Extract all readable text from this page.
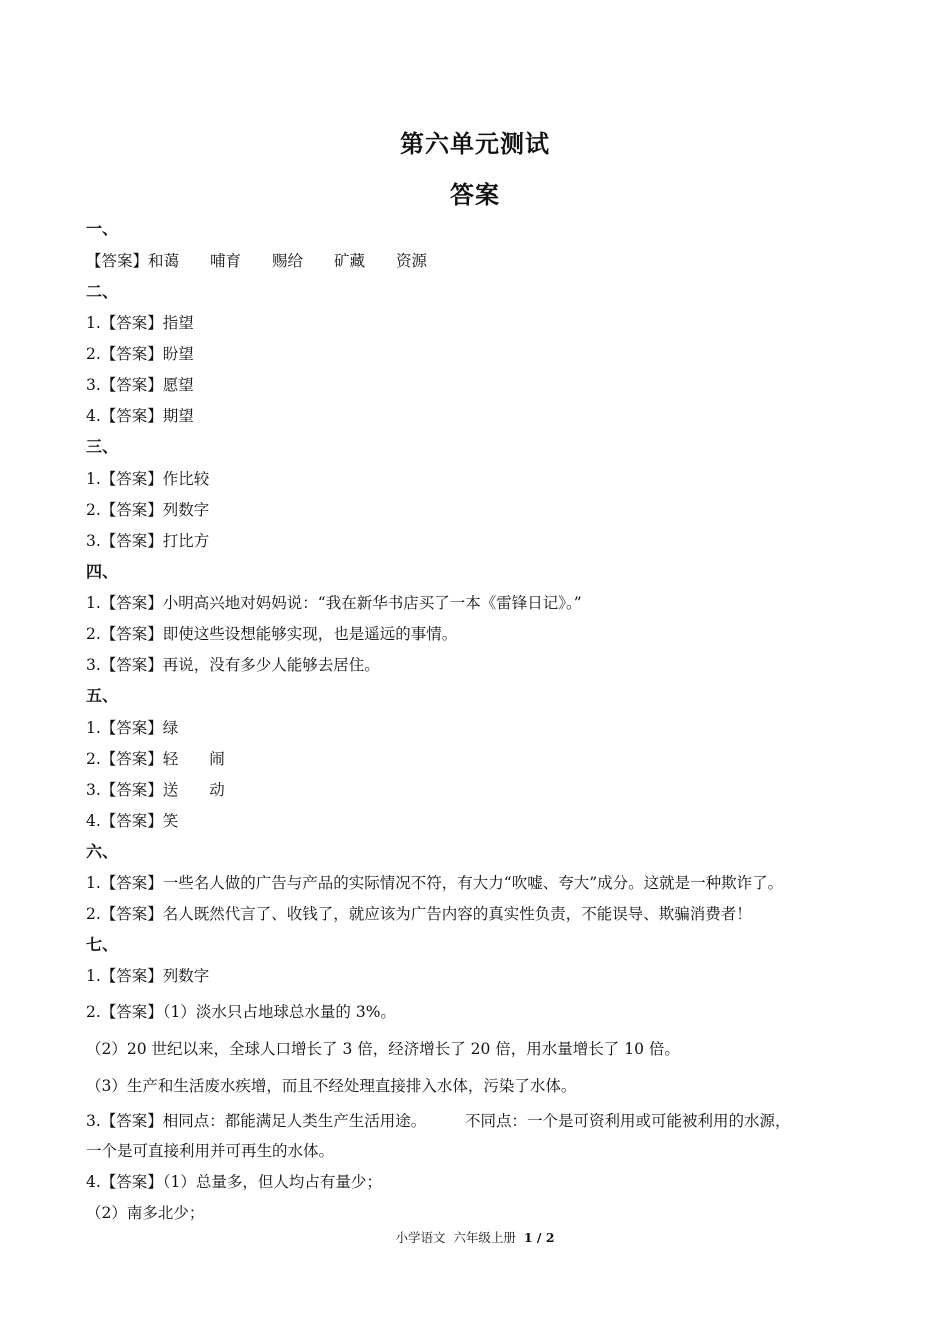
第六单元测试
答案
一、
【答案】和蔼　　哺育　　赐给　　矿藏　　资源
二、
1.【答案】指望
2.【答案】盼望
3.【答案】愿望
4.【答案】期望
三、
1.【答案】作比较
2.【答案】列数字
3.【答案】打比方
四、
1.【答案】小明高兴地对妈妈说：“我在新华书店买了一本《雷锋日记》。”
2.【答案】即使这些设想能够实现，也是遥远的事情。
3.【答案】再说，没有多少人能够去居住。
五、
1.【答案】绿
2.【答案】轻　　闹
3.【答案】送　　动
4.【答案】笑
六、
1.【答案】一些名人做的广告与产品的实际情况不符，有大力“吹嘘、夸大”成分。这就是一种欺诈了。
2.【答案】名人既然代言了、收钱了，就应该为广告内容的真实性负责，不能误导、欺骗消费者！
七、
1.【答案】列数字
2.【答案】（1）淡水只占地球总水量的 3%。
（2）20 世纪以来，全球人口增长了 3 倍，经济增长了 20 倍，用水量增长了 10 倍。
（3）生产和生活废水疾增，而且不经处理直接排入水体，污染了水体。
3.【答案】相同点：都能满足人类生产生活用途。　　　不同点：一个是可资利用或可能被利用的水源，
一个是可直接利用并可再生的水体。
4.【答案】（1）总量多，但人均占有量少；
（2）南多北少；
小学语文  六年级上册  1 / 2
